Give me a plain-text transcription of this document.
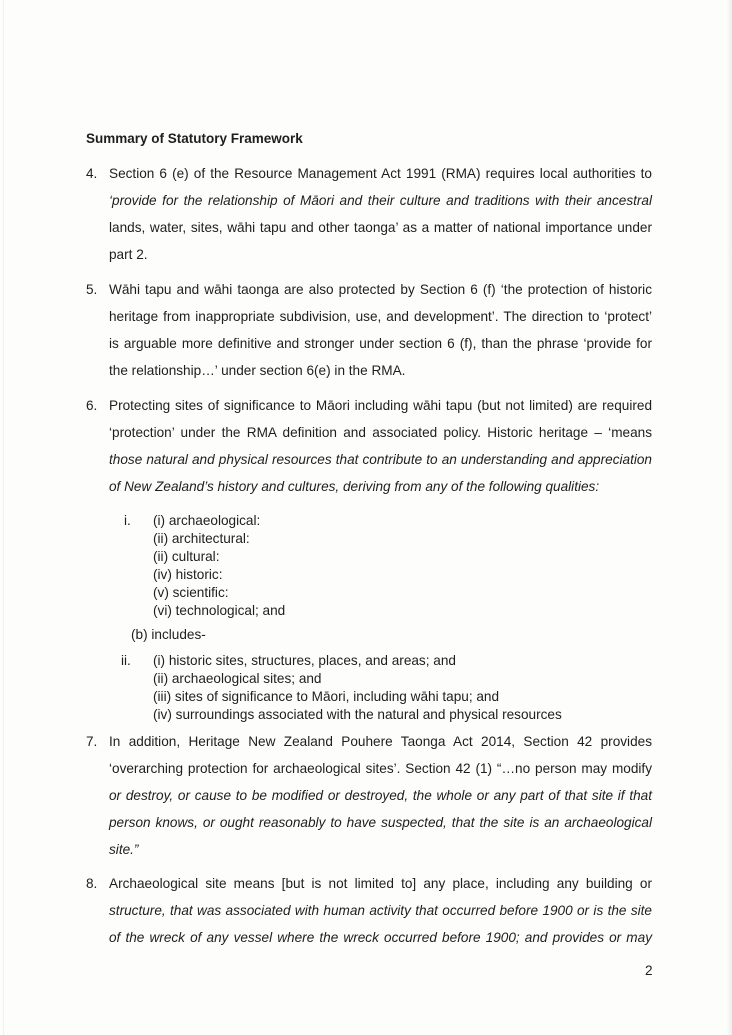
Summary of Statutory Framework
4. Section 6 (e) of the Resource Management Act 1991 (RMA) requires local authorities to
‘provide for the relationship of Māori and their culture and traditions with their ancestral
lands, water, sites, wāhi tapu and other taonga’ as a matter of national importance under
part 2.
5. Wāhi tapu and wāhi taonga are also protected by Section 6 (f) ‘the protection of historic
heritage from inappropriate subdivision, use, and development’. The direction to ‘protect’
is arguable more definitive and stronger under section 6 (f), than the phrase ‘provide for
the relationship…’ under section 6(e) in the RMA.
6. Protecting sites of significance to Māori including wāhi tapu (but not limited) are required
‘protection’ under the RMA definition and associated policy. Historic heritage – ‘means
those natural and physical resources that contribute to an understanding and appreciation
of New Zealand’s history and cultures, deriving from any of the following qualities:
i. (i) archaeological:
(ii) architectural:
(ii) cultural:
(iv) historic:
(v) scientific:
(vi) technological; and
(b) includes-
ii. (i) historic sites, structures, places, and areas; and
(ii) archaeological sites; and
(iii) sites of significance to Māori, including wāhi tapu; and
(iv) surroundings associated with the natural and physical resources
7. In addition, Heritage New Zealand Pouhere Taonga Act 2014, Section 42 provides
‘overarching protection for archaeological sites’. Section 42 (1) “…no person may modify
or destroy, or cause to be modified or destroyed, the whole or any part of that site if that
person knows, or ought reasonably to have suspected, that the site is an archaeological
site.”
8. Archaeological site means [but is not limited to] any place, including any building or
structure, that was associated with human activity that occurred before 1900 or is the site
of the wreck of any vessel where the wreck occurred before 1900; and provides or may
2
